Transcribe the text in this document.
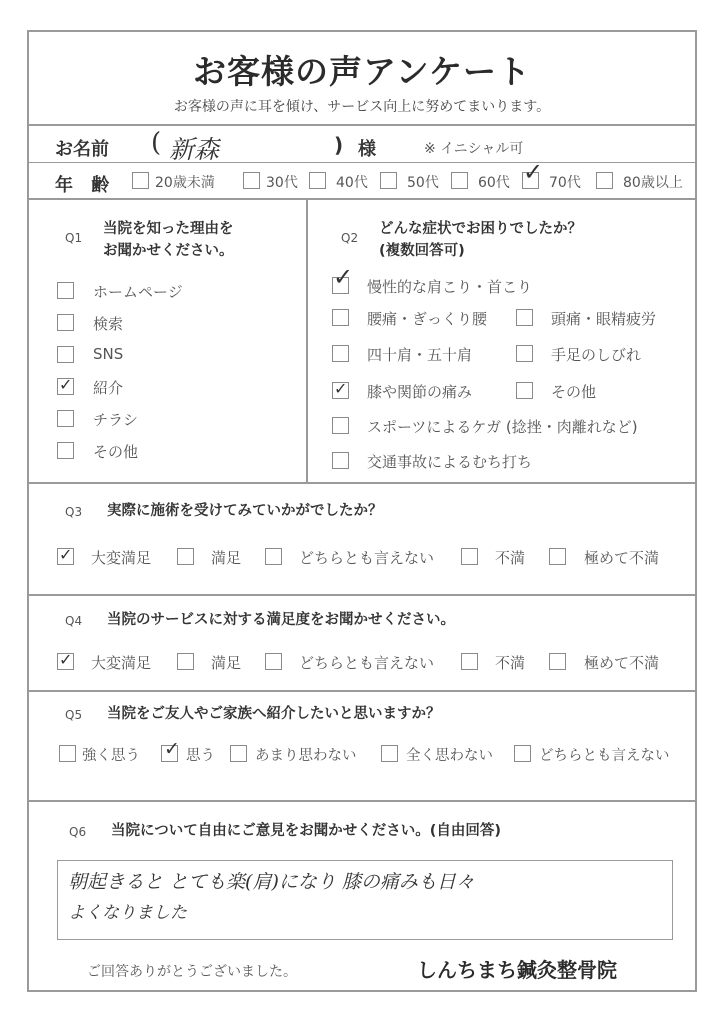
お客様の声アンケート
お客様の声に耳を傾け、サービス向上に努めてまいります。
お名前 ( 新森	) 様	※ イニシャル可
年 齢	20歳未満	30代	40代	50代	60代 ✓ 70代	80歳以上
Q1
当院を知った理由を
お聞かせください。
ホームページ
検索
SNS
✓ 紹介
チラシ
その他
Q2
どんな症状でお困りでしたか？
(複数回答可)
✓ 慢性的な肩こり・首こり
腰痛・ぎっくり腰	頭痛・眼精疲労
四十肩・五十肩	手足のしびれ
✓ 膝や関節の痛み	その他
スポーツによるケガ (捻挫・肉離れなど)
交通事故によるむち打ち
Q3 実際に施術を受けてみていかがでしたか？
✓ 大変満足	満足	どちらとも言えない	不満	極めて不満
Q4 当院のサービスに対する満足度をお聞かせください。
✓ 大変満足	満足	どちらとも言えない	不満	極めて不満
Q5 当院をご友人やご家族へ紹介したいと思いますか？
強く思う ✓ 思う	あまり思わない	全く思わない	どちらとも言えない
Q6 当院について自由にご意見をお聞かせください。(自由回答)
朝起きると とても楽(肩)になり 膝の痛みも日々
よくなりました
ご回答ありがとうございました。	しんちまち鍼灸整骨院
